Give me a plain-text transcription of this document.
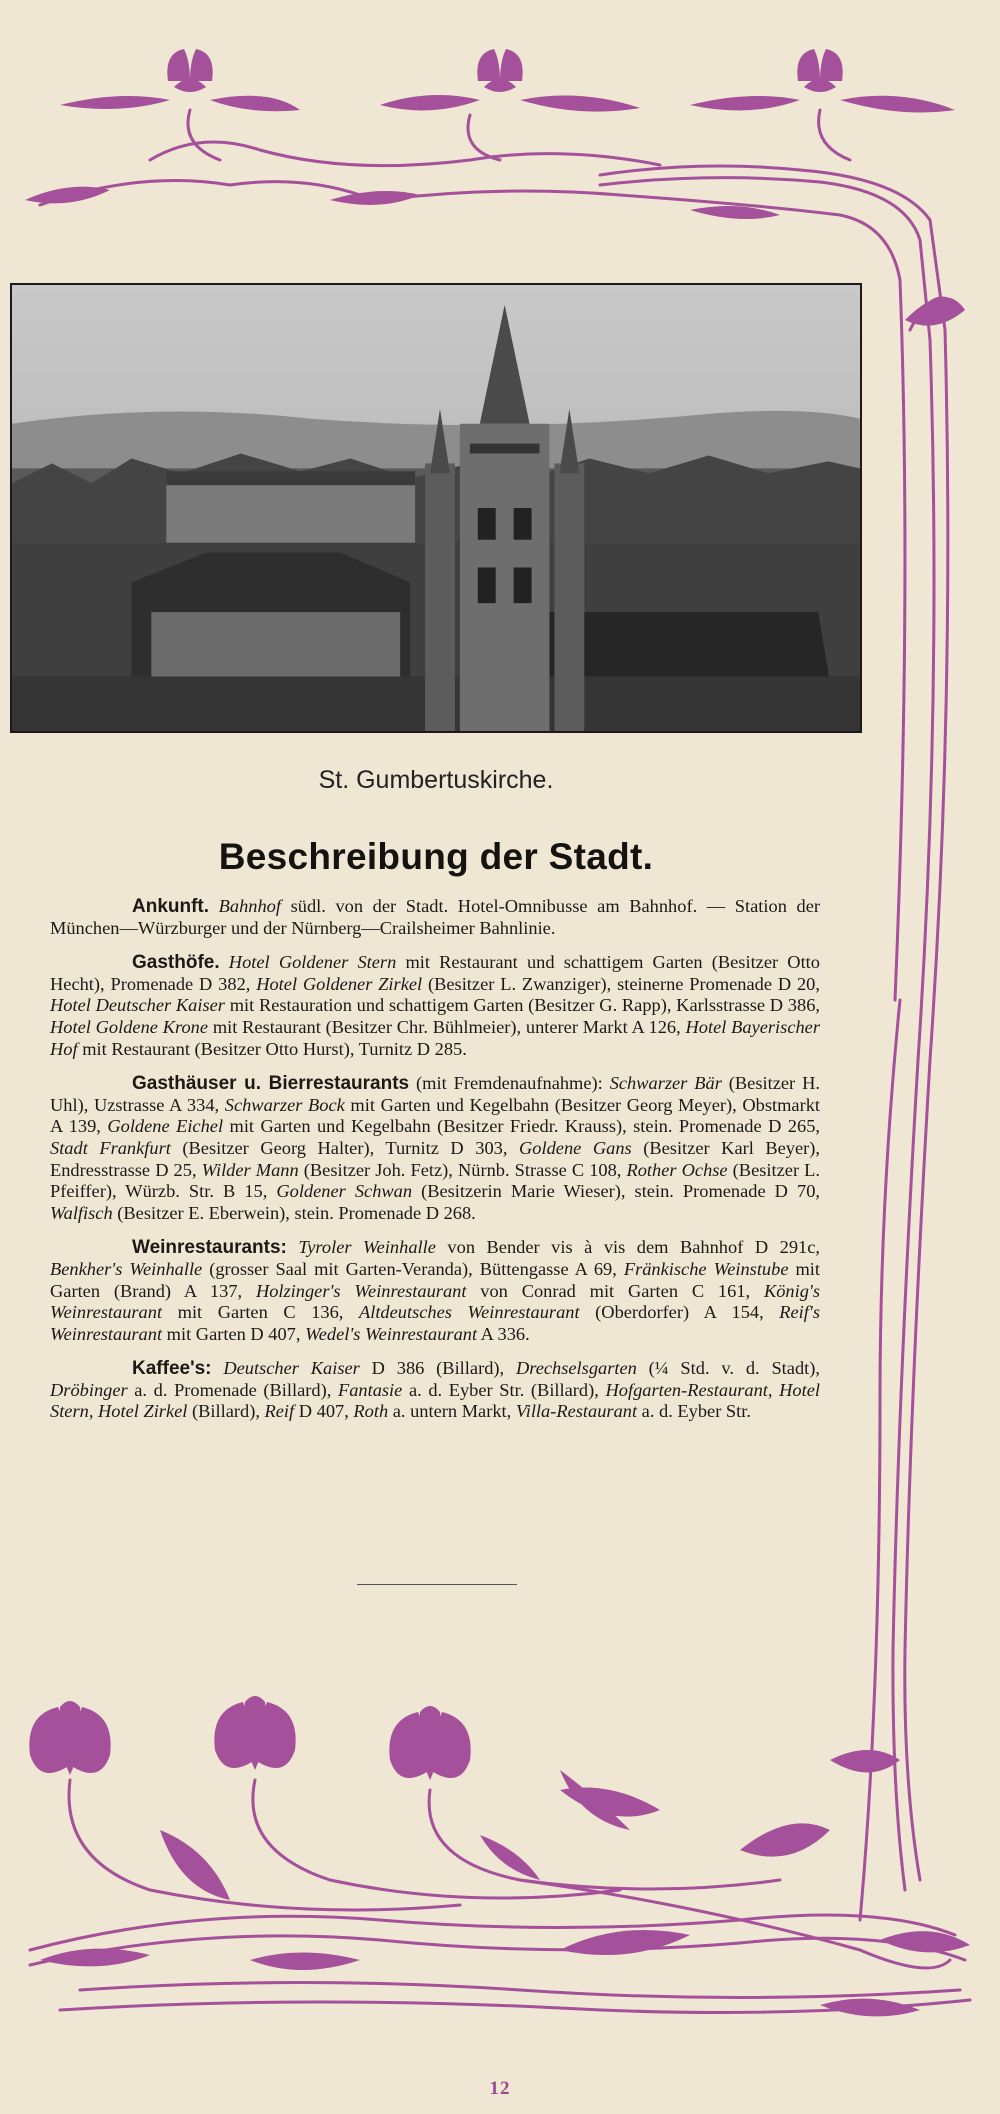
St. Gumbertuskirche.
Beschreibung der Stadt.

Ankunft. Bahnhof südl. von der Stadt. Hotel-Omnibusse am Bahnhof. — Station der München—Würzburger und der Nürnberg—Crailsheimer Bahnlinie.

Gasthöfe. Hotel Goldener Stern mit Restaurant und schattigem Garten (Besitzer Otto Hecht), Promenade D 382, Hotel Goldener Zirkel (Besitzer L. Zwanziger), steinerne Promenade D 20, Hotel Deutscher Kaiser mit Restauration und schattigem Garten (Besitzer G. Rapp), Karlsstrasse D 386, Hotel Goldene Krone mit Restaurant (Besitzer Chr. Bühlmeier), unterer Markt A 126, Hotel Bayerischer Hof mit Restaurant (Besitzer Otto Hurst), Turnitz D 285.

Gasthäuser u. Bierrestaurants (mit Fremdenaufnahme): Schwarzer Bär (Besitzer H. Uhl), Uzstrasse A 334, Schwarzer Bock mit Garten und Kegelbahn (Besitzer Georg Meyer), Obstmarkt A 139, Goldene Eichel mit Garten und Kegelbahn (Besitzer Friedr. Krauss), stein. Promenade D 265, Stadt Frankfurt (Besitzer Georg Halter), Turnitz D 303, Goldene Gans (Besitzer Karl Beyer), Endresstrasse D 25, Wilder Mann (Besitzer Joh. Fetz), Nürnb. Strasse C 108, Rother Ochse (Besitzer L. Pfeiffer), Würzb. Str. B 15, Goldener Schwan (Besitzerin Marie Wieser), stein. Promenade D 70, Walfisch (Besitzer E. Eberwein), stein. Promenade D 268.

Weinrestaurants: Tyroler Weinhalle von Bender vis à vis dem Bahnhof D 291c, Benkher's Weinhalle (grosser Saal mit Garten-Veranda), Büttengasse A 69, Fränkische Weinstube mit Garten (Brand) A 137, Holzinger's Weinrestaurant von Conrad mit Garten C 161, König's Weinrestaurant mit Garten C 136, Altdeutsches Weinrestaurant (Oberdorfer) A 154, Reif's Weinrestaurant mit Garten D 407, Wedel's Weinrestaurant A 336.

Kaffee's: Deutscher Kaiser D 386 (Billard), Drechselsgarten (¼ Std. v. d. Stadt), Dröbinger a. d. Promenade (Billard), Fantasie a. d. Eyber Str. (Billard), Hofgarten-Restaurant, Hotel Stern, Hotel Zirkel (Billard), Reif D 407, Roth a. untern Markt, Villa-Restaurant a. d. Eyber Str.

12
